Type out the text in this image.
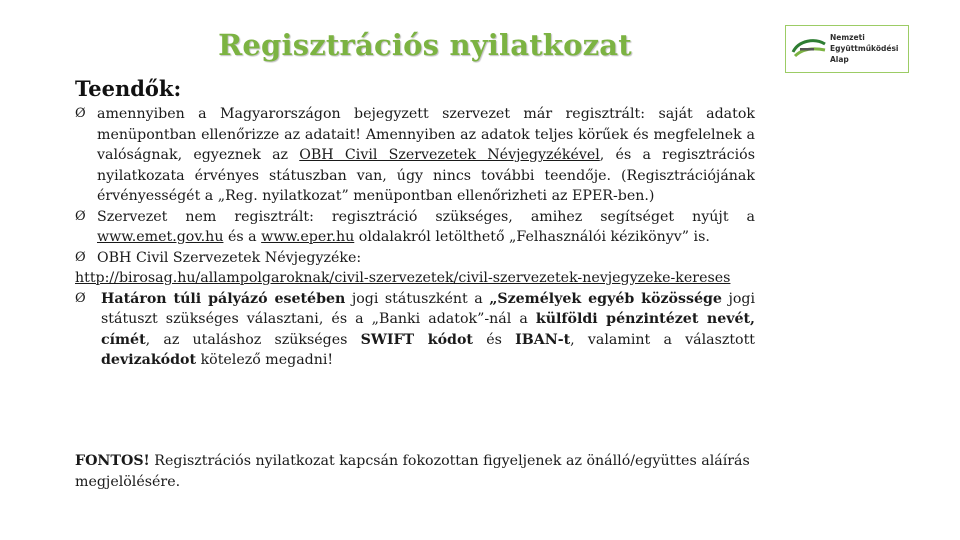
Regisztrációs nyilatkozat	Nemzeti
Együttműködési
Alap
Teendők:
Ø amennyiben a Magyarországon bejegyzett szervezet már regisztrált: saját adatok menüpontban ellenőrizze az adatait! Amennyiben az adatok teljes körűek és megfelelnek a valóságnak, egyeznek az OBH Civil Szervezetek Névjegyzékével, és a regisztrációs nyilatkozata érvényes státuszban van, úgy nincs további teendője. (Regisztrációjának érvényességét a „Reg. nyilatkozat” menüpontban ellenőrizheti az EPER-ben.)
Ø Szervezet nem regisztrált: regisztráció szükséges, amihez segítséget nyújt a www.emet.gov.hu és a www.eper.hu oldalakról letölthető „Felhasználói kézikönyv” is.
Ø OBH Civil Szervezetek Névjegyzéke:
http://birosag.hu/allampolgaroknak/civil-szervezetek/civil-szervezetek-nevjegyzeke-kereses
Ø Határon túli pályázó esetében jogi státuszként a „Személyek egyéb közössége jogi státuszt szükséges választani, és a „Banki adatok”-nál a külföldi pénzintézet nevét, címét, az utaláshoz szükséges SWIFT kódot és IBAN-t, valamint a választott devizakódot kötelező megadni!
FONTOS! Regisztrációs nyilatkozat kapcsán fokozottan figyeljenek az önálló/együttes aláírás megjelölésére.
